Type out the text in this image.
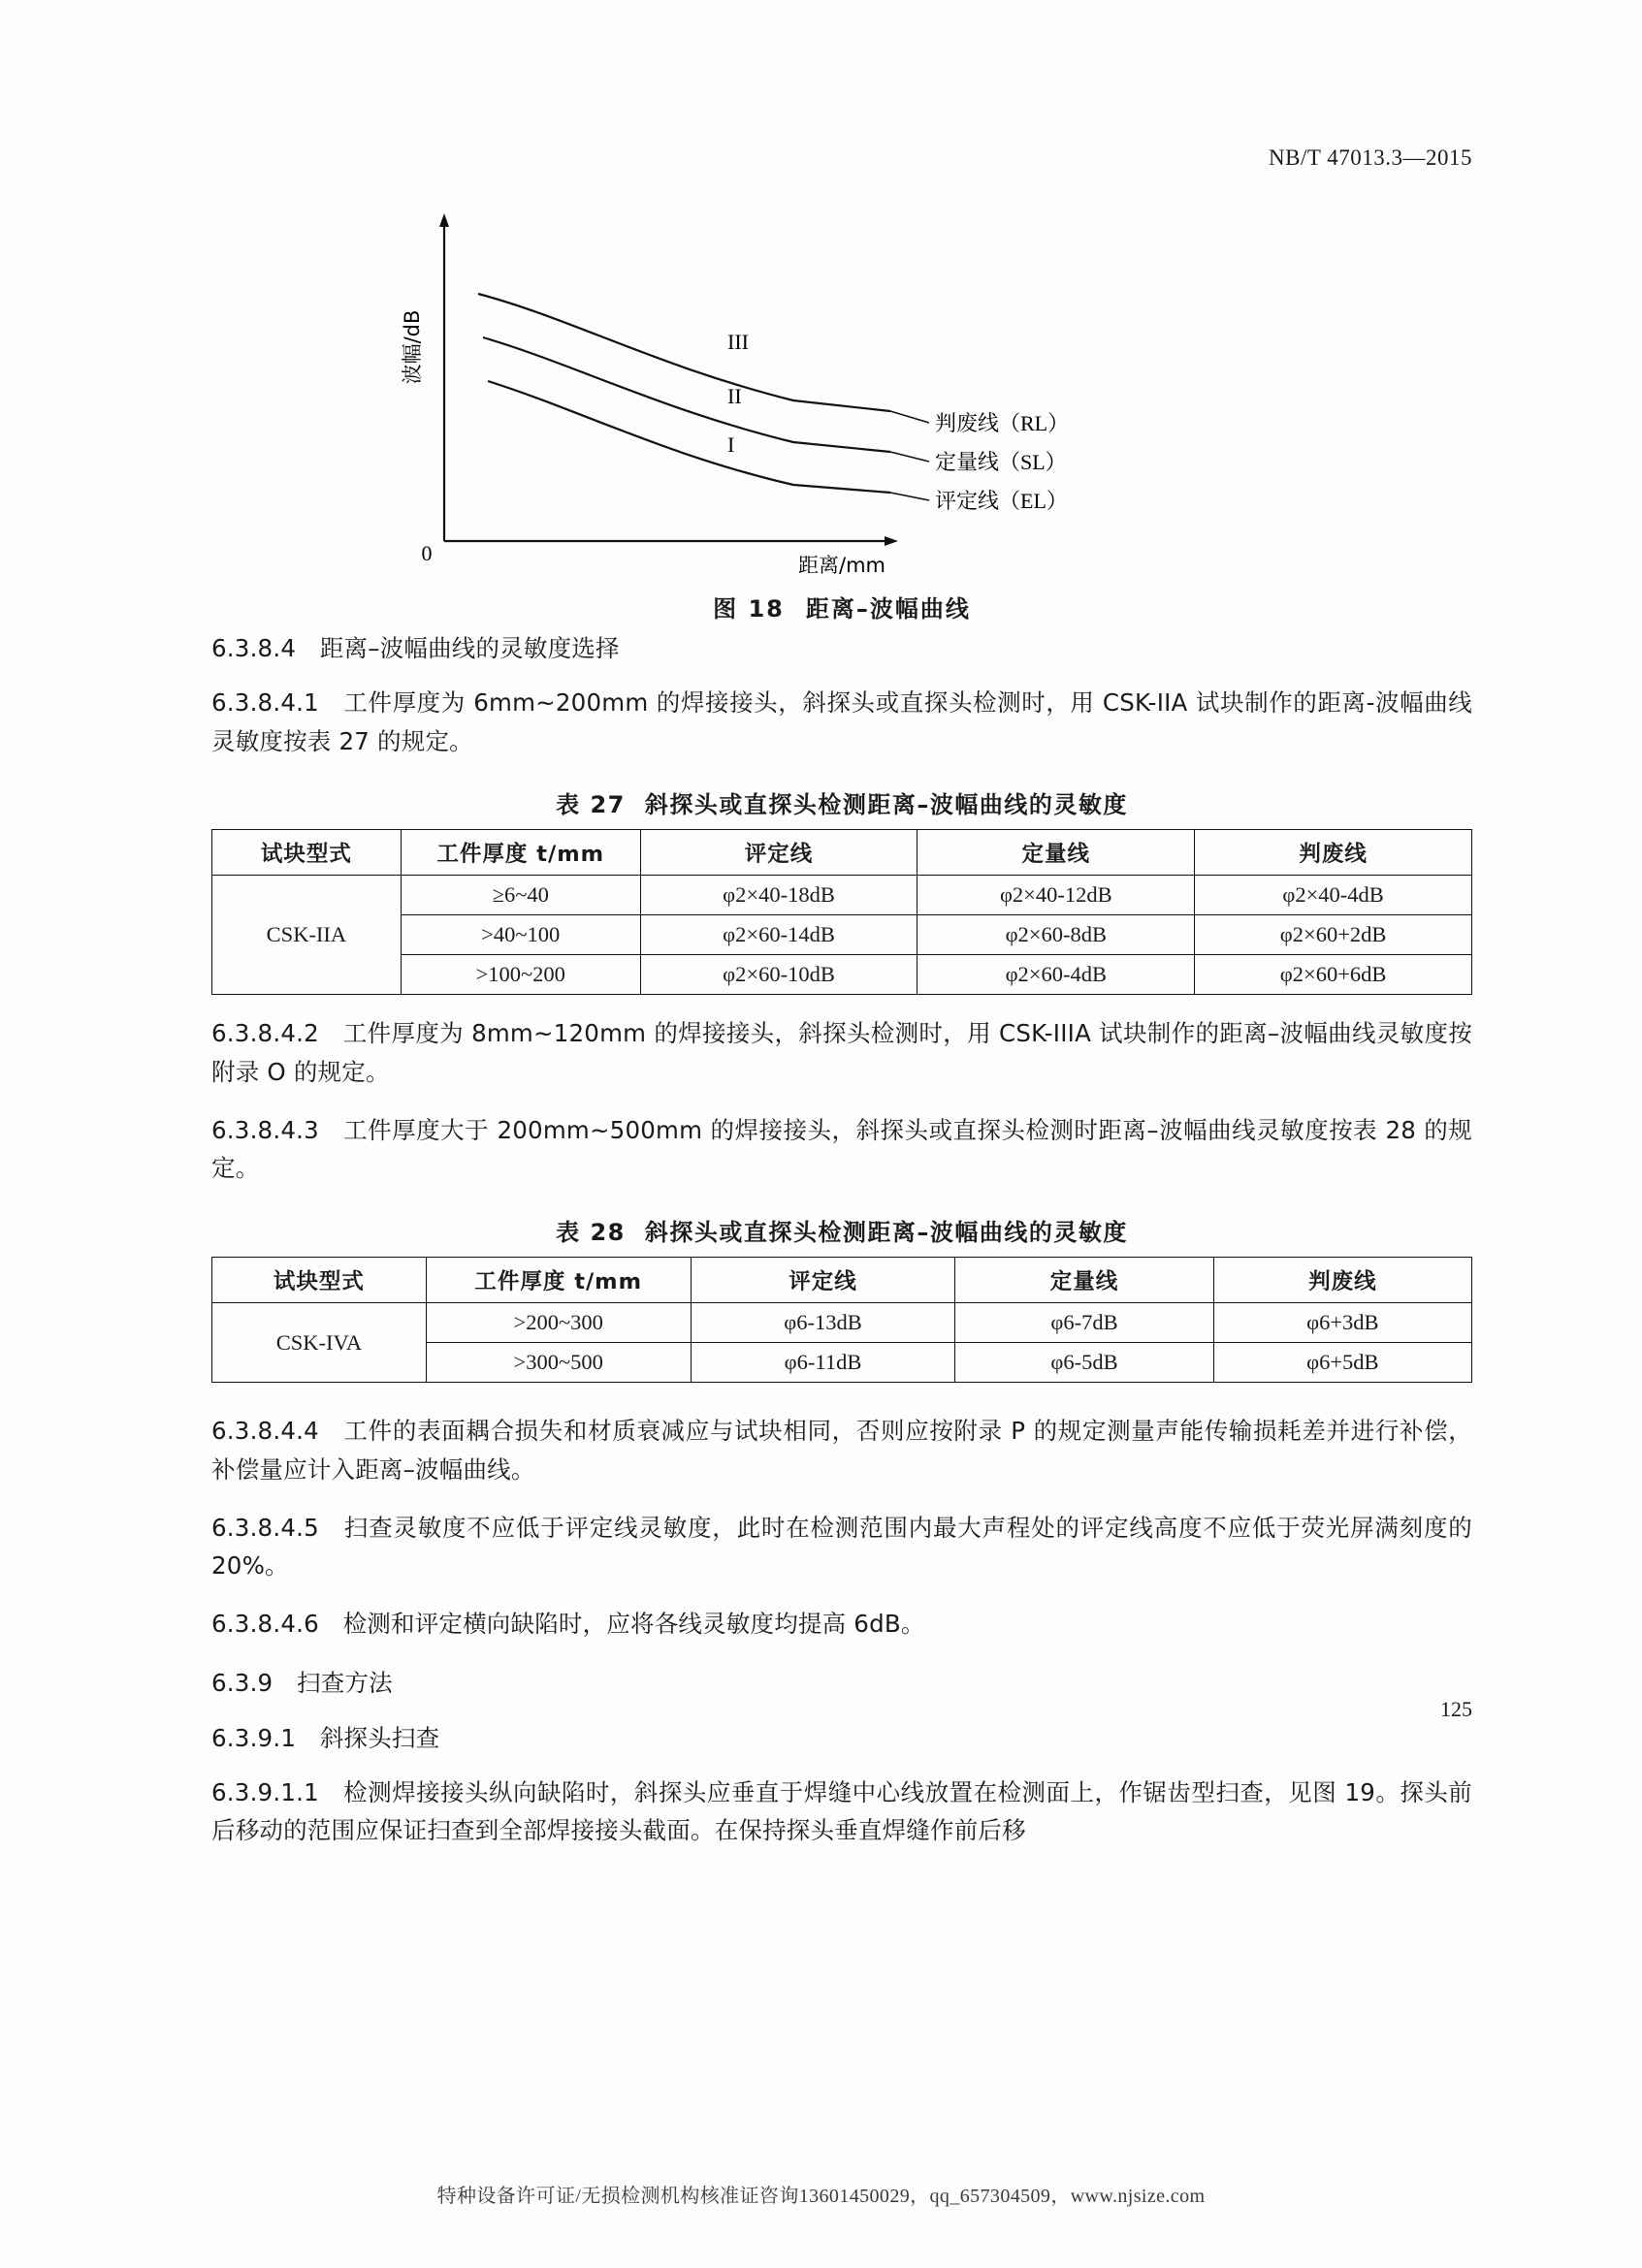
NB/T 47013.3—2015
波幅/dB
距离/mm
0
III
II
I
判废线（RL）
定量线（SL）
评定线（EL）
图 18 距离–波幅曲线
6.3.8.4　距离–波幅曲线的灵敏度选择

6.3.8.4.1　工件厚度为 6mm~200mm 的焊接接头，斜探头或直探头检测时，用 CSK-IIA 试块制作的距离-波幅曲线灵敏度按表 27 的规定。

表 27 斜探头或直探头检测距离–波幅曲线的灵敏度
试块型式	工件厚度 t/mm	评定线	定量线	判废线
CSK-IIA	≥6~40	φ2×40-18dB	φ2×40-12dB	φ2×40-4dB
	>40~100	φ2×60-14dB	φ2×60-8dB	φ2×60+2dB
	>100~200	φ2×60-10dB	φ2×60-4dB	φ2×60+6dB

6.3.8.4.2　工件厚度为 8mm~120mm 的焊接接头，斜探头检测时，用 CSK-IIIA 试块制作的距离–波幅曲线灵敏度按附录 O 的规定。

6.3.8.4.3　工件厚度大于 200mm~500mm 的焊接接头，斜探头或直探头检测时距离–波幅曲线灵敏度按表 28 的规定。

表 28 斜探头或直探头检测距离–波幅曲线的灵敏度
试块型式	工件厚度 t/mm	评定线	定量线	判废线
CSK-IVA	>200~300	φ6-13dB	φ6-7dB	φ6+3dB
	>300~500	φ6-11dB	φ6-5dB	φ6+5dB

6.3.8.4.4　工件的表面耦合损失和材质衰减应与试块相同，否则应按附录 P 的规定测量声能传输损耗差并进行补偿，补偿量应计入距离–波幅曲线。

6.3.8.4.5　扫查灵敏度不应低于评定线灵敏度，此时在检测范围内最大声程处的评定线高度不应低于荧光屏满刻度的 20%。

6.3.8.4.6　检测和评定横向缺陷时，应将各线灵敏度均提高 6dB。

6.3.9　扫查方法
6.3.9.1　斜探头扫查

6.3.9.1.1　检测焊接接头纵向缺陷时，斜探头应垂直于焊缝中心线放置在检测面上，作锯齿型扫查，见图 19。探头前后移动的范围应保证扫查到全部焊接接头截面。在保持探头垂直焊缝作前后移

125
特种设备许可证/无损检测机构核准证咨询13601450029，qq_657304509，www.njsize.com
